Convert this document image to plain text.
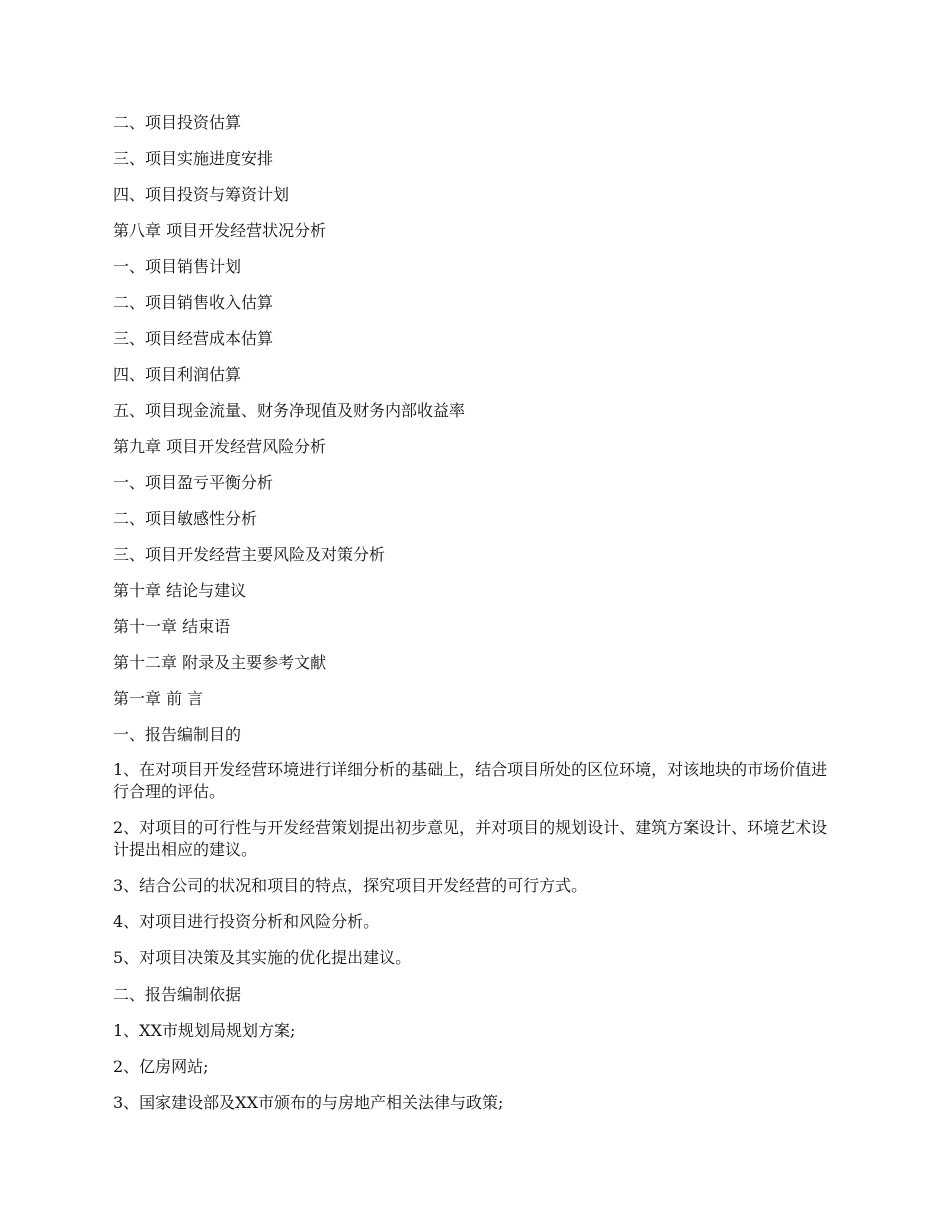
二、项目投资估算
三、项目实施进度安排
四、项目投资与筹资计划
第八章 项目开发经营状况分析
一、项目销售计划
二、项目销售收入估算
三、项目经营成本估算
四、项目利润估算
五、项目现金流量、财务净现值及财务内部收益率
第九章 项目开发经营风险分析
一、项目盈亏平衡分析
二、项目敏感性分析
三、项目开发经营主要风险及对策分析
第十章 结论与建议
第十一章 结束语
第十二章 附录及主要参考文献
第一章 前 言
一、报告编制目的
1、在对项目开发经营环境进行详细分析的基础上，结合项目所处的区位环境，对该地块的市场价值进行合理的评估。
2、对项目的可行性与开发经营策划提出初步意见，并对项目的规划设计、建筑方案设计、环境艺术设计提出相应的建议。
3、结合公司的状况和项目的特点，探究项目开发经营的可行方式。
4、对项目进行投资分析和风险分析。
5、对项目决策及其实施的优化提出建议。
二、报告编制依据
1、XX市规划局规划方案;
2、亿房网站;
3、国家建设部及XX市颁布的与房地产相关法律与政策;
